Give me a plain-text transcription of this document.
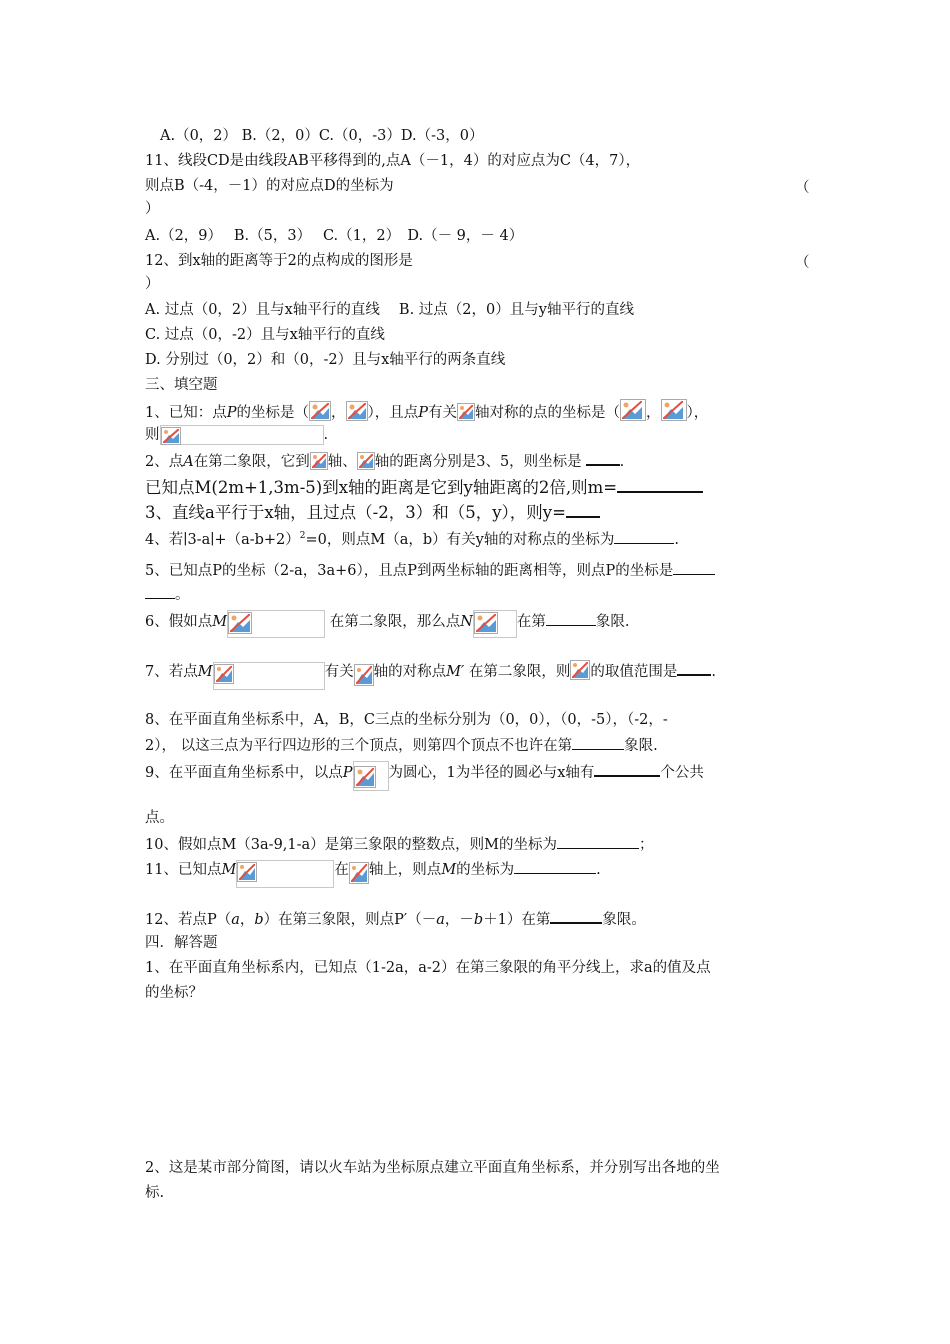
A.（0，2） B.（2，0）C.（0，-3）D.（-3，0）
11、线段CD是由线段AB平移得到的,点A（－1，4）的对应点为C（4，7），
则点B（-4，－1）的对应点D的坐标为	（
）
A.（2，9）　 B.（5，3）　 C.（1，2）　D.（－ 9，－ 4）
12、到x轴的距离等于2的点构成的图形是	（
）
A. 过点（0，2）且与x轴平行的直线　 B. 过点（2，0）且与y轴平行的直线
C. 过点（0，-2）且与x轴平行的直线
D. 分别过（0，2）和（0，-2）且与x轴平行的两条直线
三、填空题
1、已知：点P的坐标是（ ， ），且点P有关 轴对称的点的坐标是（ ， ），
则	.
2、点A在第二象限，它到 轴、 轴的距离分别是3、5，则坐标是	.
已知点M(2m+1,3m-5)到x轴的距离是它到y轴距离的2倍,则m=
3、直线a平行于x轴，且过点（-2，3）和（5，y），则y=
4、若$∣3-a∣+(a-b+2)^2=0$，则点M（a，b）有关y轴的对称点的坐标为	.
5、已知点P的坐标（2-a，3a+6），且点P到两坐标轴的距离相等，则点P的坐标是
。
6、假如点M	在第二象限，那么点N	在第	象限.
7、若点M	有关 轴的对称点M′ 在第二象限，则 的取值范围是 .
8、在平面直角坐标系中，A，B，C三点的坐标分别为（0，0），（0，-5），（-2，-
2）， 以这三点为平行四边形的三个顶点，则第四个顶点不也许在第	象限.
9、在平面直角坐标系中，以点P 为圆心，1为半径的圆必与x轴有	个公共
点。
10、假如点M（3a-9,1-a）是第三象限的整数点，则M的坐标为	；
11、已知点M	在 轴上，则点M的坐标为	.
12、若点P（a，b）在第三象限，则点P′（－a，－b＋1）在第	象限。
四．解答题
1、在平面直角坐标系内，已知点（1-2a，a-2）在第三象限的角平分线上，求a的值及点
的坐标？
2、这是某市部分简图，请以火车站为坐标原点建立平面直角坐标系，并分别写出各地的坐
标.
